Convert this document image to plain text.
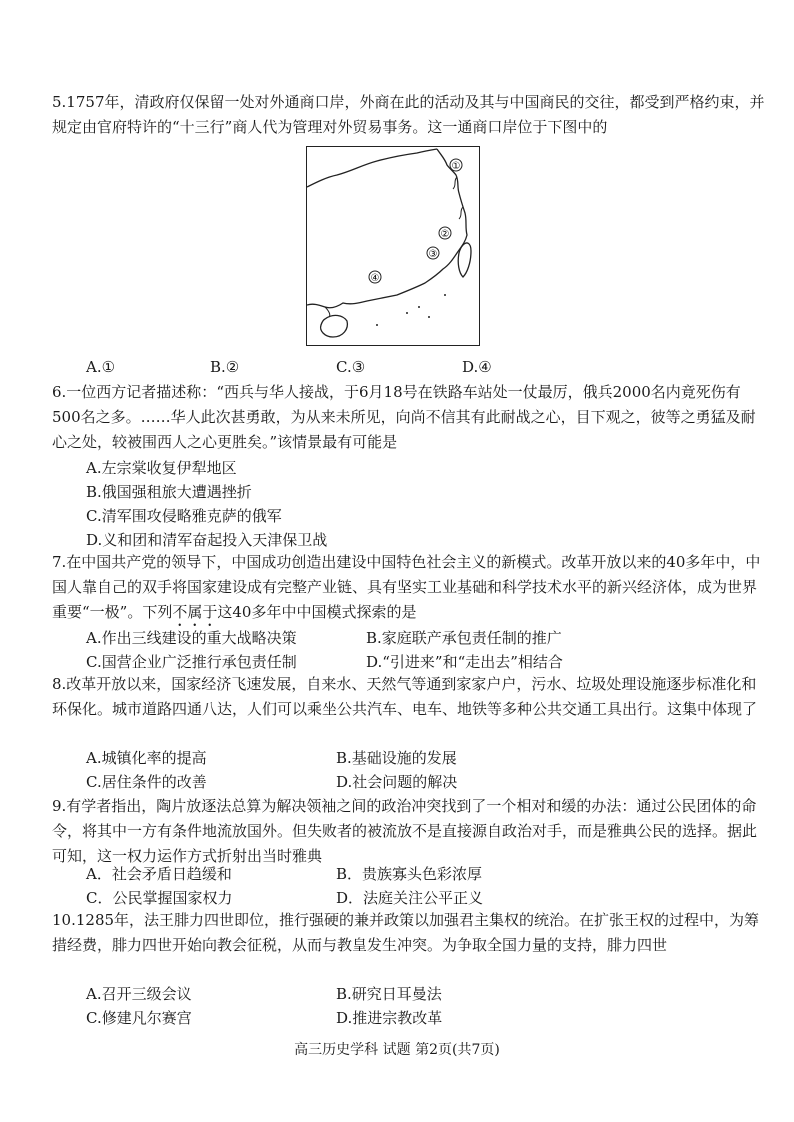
5.1757年，清政府仅保留一处对外通商口岸，外商在此的活动及其与中国商民的交往，都受到严格约束，并规定由官府特许的“十三行”商人代为管理对外贸易事务。这一通商口岸位于下图中的

①
②
③
④
A.①	B.②	C.③	D.④

6.一位西方记者描述称：“西兵与华人接战，于6月18号在铁路车站处一仗最厉，俄兵2000名内竟死伤有500名之多。……华人此次甚勇敢，为从来未所见，向尚不信其有此耐战之心，目下观之，彼等之勇猛及耐心之处，较被围西人之心更胜矣。”该情景最有可能是

A.左宗棠收复伊犁地区
B.俄国强租旅大遭遇挫折
C.清军围攻侵略雅克萨的俄军
D.义和团和清军奋起投入天津保卫战

7.在中国共产党的领导下，中国成功创造出建设中国特色社会主义的新模式。改革开放以来的40多年中，中国人靠自己的双手将国家建设成有完整产业链、具有坚实工业基础和科学技术水平的新兴经济体，成为世界重要“一极”。下列不属于这40多年中中国模式探索的是

A.作出三线建设的重大战略决策	B.家庭联产承包责任制的推广
C.国营企业广泛推行承包责任制	D.“引进来”和“走出去”相结合

8.改革开放以来，国家经济飞速发展，自来水、天然气等通到家家户户，污水、垃圾处理设施逐步标准化和环保化。城市道路四通八达，人们可以乘坐公共汽车、电车、地铁等多种公共交通工具出行。这集中体现了

A.城镇化率的提高	B.基础设施的发展
C.居住条件的改善	D.社会问题的解决

9.有学者指出，陶片放逐法总算为解决领袖之间的政治冲突找到了一个相对和缓的办法：通过公民团体的命令，将其中一方有条件地流放国外。但失败者的被流放不是直接源自政治对手，而是雅典公民的选择。据此可知，这一权力运作方式折射出当时雅典

A．社会矛盾日趋缓和	B．贵族寡头色彩浓厚
C．公民掌握国家权力	D．法庭关注公平正义

10.1285年，法王腓力四世即位，推行强硬的兼并政策以加强君主集权的统治。在扩张王权的过程中，为筹措经费，腓力四世开始向教会征税，从而与教皇发生冲突。为争取全国力量的支持，腓力四世

A.召开三级会议	B.研究日耳曼法
C.修建凡尔赛宫	D.推进宗教改革
高三历史学科 试题 第2页(共7页)
